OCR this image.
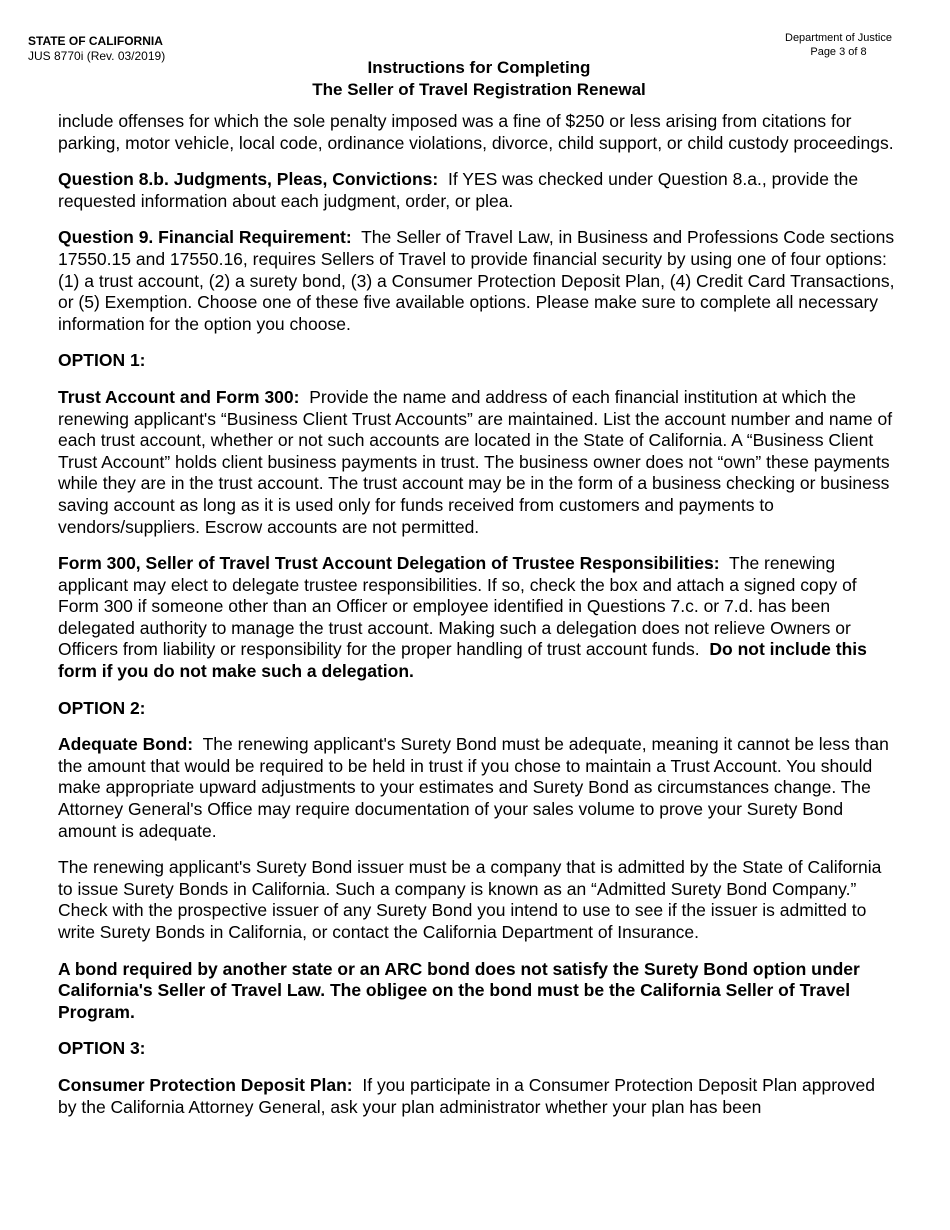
STATE OF CALIFORNIA
JUS 8770i (Rev. 03/2019)
Department of Justice
Page 3 of 8
Instructions for Completing
The Seller of Travel Registration Renewal

include offenses for which the sole penalty imposed was a fine of $250 or less arising from citations for parking, motor vehicle, local code, ordinance violations, divorce, child support, or child custody proceedings.

Question 8.b. Judgments, Pleas, Convictions: If YES was checked under Question 8.a., provide the requested information about each judgment, order, or plea.

Question 9. Financial Requirement: The Seller of Travel Law, in Business and Professions Code sections 17550.15 and 17550.16, requires Sellers of Travel to provide financial security by using one of four options: (1) a trust account, (2) a surety bond, (3) a Consumer Protection Deposit Plan, (4) Credit Card Transactions, or (5) Exemption. Choose one of these five available options. Please make sure to complete all necessary information for the option you choose.

OPTION 1:

Trust Account and Form 300: Provide the name and address of each financial institution at which the renewing applicant's “Business Client Trust Accounts” are maintained. List the account number and name of each trust account, whether or not such accounts are located in the State of California. A “Business Client Trust Account” holds client business payments in trust. The business owner does not “own” these payments while they are in the trust account. The trust account may be in the form of a business checking or business saving account as long as it is used only for funds received from customers and payments to vendors/suppliers. Escrow accounts are not permitted.

Form 300, Seller of Travel Trust Account Delegation of Trustee Responsibilities: The renewing applicant may elect to delegate trustee responsibilities. If so, check the box and attach a signed copy of Form 300 if someone other than an Officer or employee identified in Questions 7.c. or 7.d. has been delegated authority to manage the trust account. Making such a delegation does not relieve Owners or Officers from liability or responsibility for the proper handling of trust account funds. Do not include this form if you do not make such a delegation.

OPTION 2:

Adequate Bond: The renewing applicant's Surety Bond must be adequate, meaning it cannot be less than the amount that would be required to be held in trust if you chose to maintain a Trust Account. You should make appropriate upward adjustments to your estimates and Surety Bond as circumstances change. The Attorney General's Office may require documentation of your sales volume to prove your Surety Bond amount is adequate.

The renewing applicant's Surety Bond issuer must be a company that is admitted by the State of California to issue Surety Bonds in California. Such a company is known as an “Admitted Surety Bond Company.” Check with the prospective issuer of any Surety Bond you intend to use to see if the issuer is admitted to write Surety Bonds in California, or contact the California Department of Insurance.

A bond required by another state or an ARC bond does not satisfy the Surety Bond option under California's Seller of Travel Law. The obligee on the bond must be the California Seller of Travel Program.

OPTION 3:

Consumer Protection Deposit Plan: If you participate in a Consumer Protection Deposit Plan approved by the California Attorney General, ask your plan administrator whether your plan has been
